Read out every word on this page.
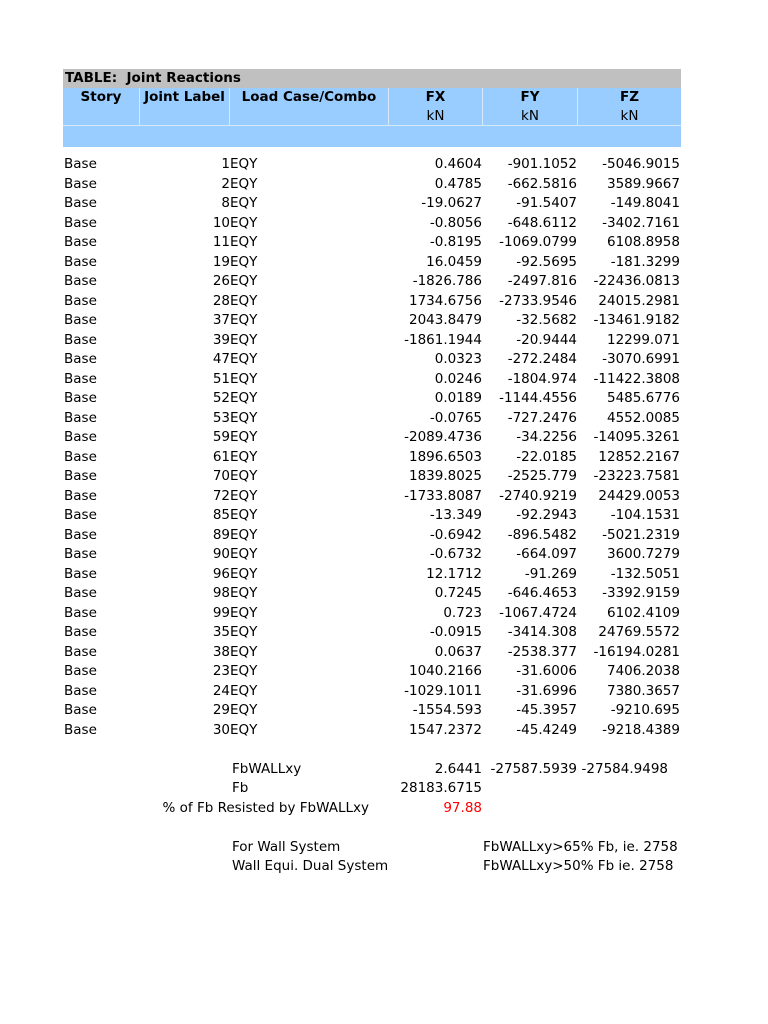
TABLE:  Joint Reactions
Story	Joint Label	Load Case/Combo	FX	FY	FZ
kN	kN	kN
Base	1 EQY	0.4604	-901.1052	-5046.9015
Base	2 EQY	0.4785	-662.5816	3589.9667
Base	8 EQY	-19.0627	-91.5407	-149.8041
Base	10 EQY	-0.8056	-648.6112	-3402.7161
Base	11 EQY	-0.8195	-1069.0799	6108.8958
Base	19 EQY	16.0459	-92.5695	-181.3299
Base	26 EQY	-1826.786	-2497.816	-22436.0813
Base	28 EQY	1734.6756	-2733.9546	24015.2981
Base	37 EQY	2043.8479	-32.5682	-13461.9182
Base	39 EQY	-1861.1944	-20.9444	12299.071
Base	47 EQY	0.0323	-272.2484	-3070.6991
Base	51 EQY	0.0246	-1804.974	-11422.3808
Base	52 EQY	0.0189	-1144.4556	5485.6776
Base	53 EQY	-0.0765	-727.2476	4552.0085
Base	59 EQY	-2089.4736	-34.2256	-14095.3261
Base	61 EQY	1896.6503	-22.0185	12852.2167
Base	70 EQY	1839.8025	-2525.779	-23223.7581
Base	72 EQY	-1733.8087	-2740.9219	24429.0053
Base	85 EQY	-13.349	-92.2943	-104.1531
Base	89 EQY	-0.6942	-896.5482	-5021.2319
Base	90 EQY	-0.6732	-664.097	3600.7279
Base	96 EQY	12.1712	-91.269	-132.5051
Base	98 EQY	0.7245	-646.4653	-3392.9159
Base	99 EQY	0.723	-1067.4724	6102.4109
Base	35 EQY	-0.0915	-3414.308	24769.5572
Base	38 EQY	0.0637	-2538.377	-16194.0281
Base	23 EQY	1040.2166	-31.6006	7406.2038
Base	24 EQY	-1029.1011	-31.6996	7380.3657
Base	29 EQY	-1554.593	-45.3957	-9210.695
Base	30 EQY	1547.2372	-45.4249	-9218.4389
FbWALLxy	2.6441 -27587.5939 -27584.9498
Fb	28183.6715
% of Fb Resisted by FbWALLxy	97.88
For Wall System	FbWALLxy>65% Fb, ie. 2758
Wall Equi. Dual System	FbWALLxy>50% Fb ie. 2758
